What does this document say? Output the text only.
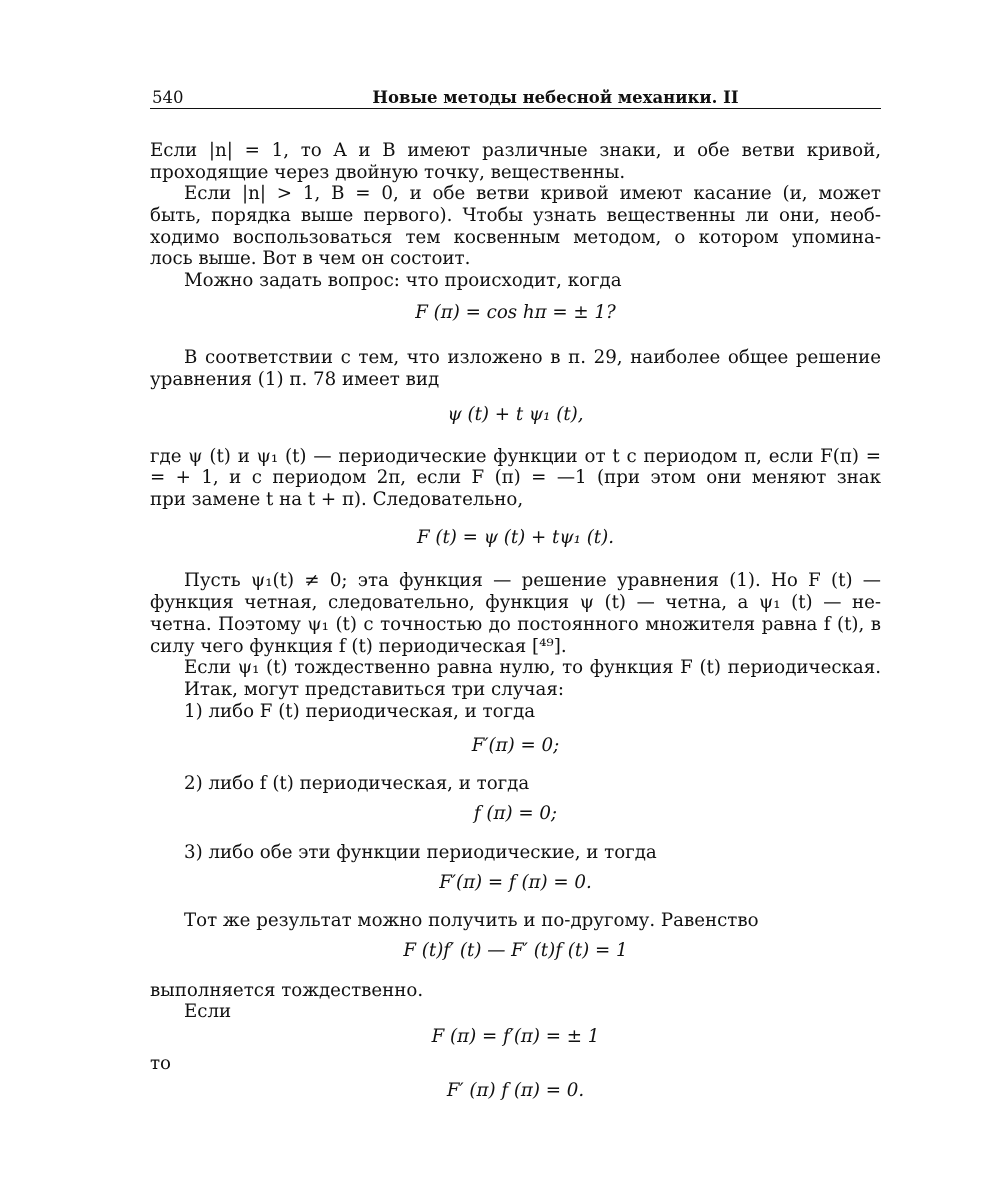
540	Новые методы небесной механики. II
Если |n| = 1, то A и B имеют различные знаки, и обе ветви кривой,
проходящие через двойную точку, вещественны.
Если |n| > 1, B = 0, и обе ветви кривой имеют касание (и, может
быть, порядка выше первого). Чтобы узнать вещественны ли они, необ-
ходимо воспользоваться тем косвенным методом, о котором упомина-
лось выше. Вот в чем он состоит.
Можно задать вопрос: что происходит, когда
F (π) = cos hπ = ± 1?
В соответствии с тем, что изложено в п. 29, наиболее общее решение
уравнения (1) п. 78 имеет вид
ψ (t) + t ψ₁ (t),
где ψ (t) и ψ₁ (t) — периодические функции от t с периодом π, если F(π) =
= + 1, и с периодом 2π, если F (π) = —1 (при этом они меняют знак
при замене t на t + π). Следовательно,
F (t) = ψ (t) + tψ₁ (t).
Пусть ψ₁(t) ≠ 0; эта функция — решение уравнения (1). Но F (t) —
функция четная, следовательно, функция ψ (t) — четна, а ψ₁ (t) — не-
четна. Поэтому ψ₁ (t) с точностью до постоянного множителя равна f (t), в
силу чего функция f (t) периодическая [⁴⁹].
Если ψ₁ (t) тождественно равна нулю, то функция F (t) периодическая.
Итак, могут представиться три случая:
1) либо F (t) периодическая, и тогда
F′(π) = 0;
2) либо f (t) периодическая, и тогда
f (π) = 0;
3) либо обе эти функции периодические, и тогда
F′(π) = f (π) = 0.
Тот же результат можно получить и по-другому. Равенство
F (t)f′ (t) — F′ (t)f (t) = 1
выполняется тождественно.
Если
F (π) = f′(π) = ± 1
то
F′ (π) f (π) = 0.
